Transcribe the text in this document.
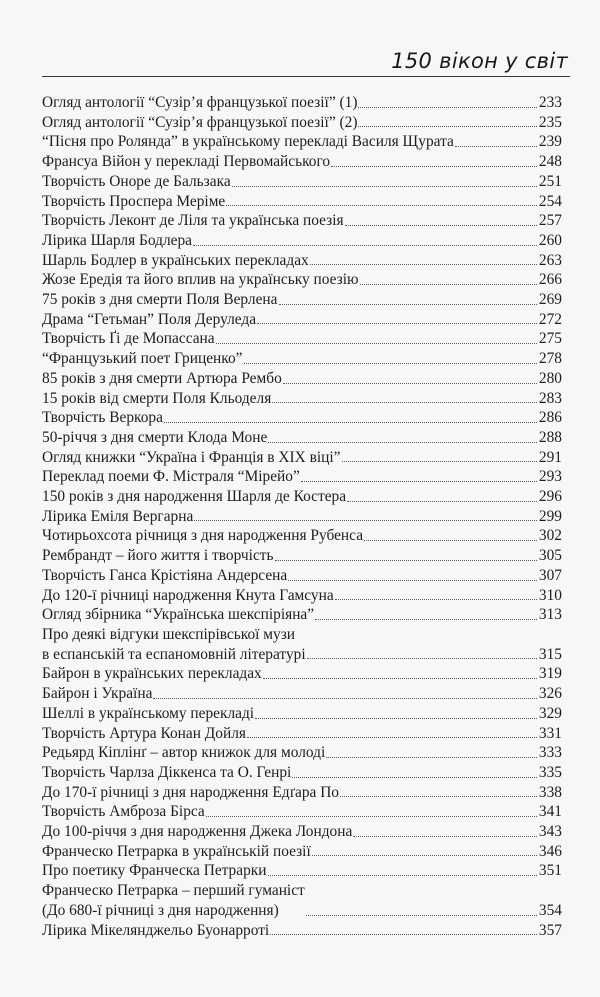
150 вікон у світ
Огляд антології “Сузір’я французької поезії” (1)	233
Огляд антології “Сузір’я французької поезії” (2)	235
“Пісня про Ролянда” в українському перекладі Василя Щурата	239
Франсуа Війон у перекладі Первомайського	248
Творчість Оноре де Бальзака	251
Творчість Проспера Меріме	254
Творчість Леконт де Ліля та українська поезія	257
Лірика Шарля Бодлера	260
Шарль Бодлер в українських перекладах	263
Жозе Ередія та його вплив на українську поезію	266
75 років з дня смерти Поля Верлена	269
Драма “Гетьман” Поля Деруледа	272
Творчість Ґі де Мопассана	275
“Французький поет Гриценко”	278
85 років з дня смерти Артюра Рембо	280
15 років від смерти Поля Кльоделя	283
Творчість Веркора	286
50-річчя з дня смерти Клода Моне	288
Огляд книжки “Україна і Франція в XIX віці”	291
Переклад поеми Ф. Містраля “Мірейо”	293
150 років з дня народження Шарля де Костера	296
Лірика Еміля Вергарна	299
Чотирьохсота річниця з дня народження Рубенса	302
Рембрандт – його життя і творчість	305
Творчість Ганса Крістіяна Андерсена	307
До 120-ї річниці народження Кнута Гамсуна	310
Огляд збірника “Українська шекспіріяна”	313
Про деякі відгуки шекспірівської музи
в еспанській та еспаномовній літературі	315
Байрон в українських перекладах	319
Байрон і Україна	326
Шеллі в українському перекладі	329
Творчість Артура Конан Дойля	331
Редьярд Кіплінґ – автор книжок для молоді	333
Творчість Чарлза Діккенса та О. Генрі	335
До 170-ї річниці з дня народження Едґара По	338
Творчість Амброза Бірса	341
До 100-річчя з дня народження Джека Лондона	343
Франческо Петрарка в українській поезії	346
Про поетику Франческа Петрарки	351
Франческо Петрарка – перший гуманіст
(До 680-ї річниці з дня народження)	354
Лірика Мікелянджельо Буонарроті	357
